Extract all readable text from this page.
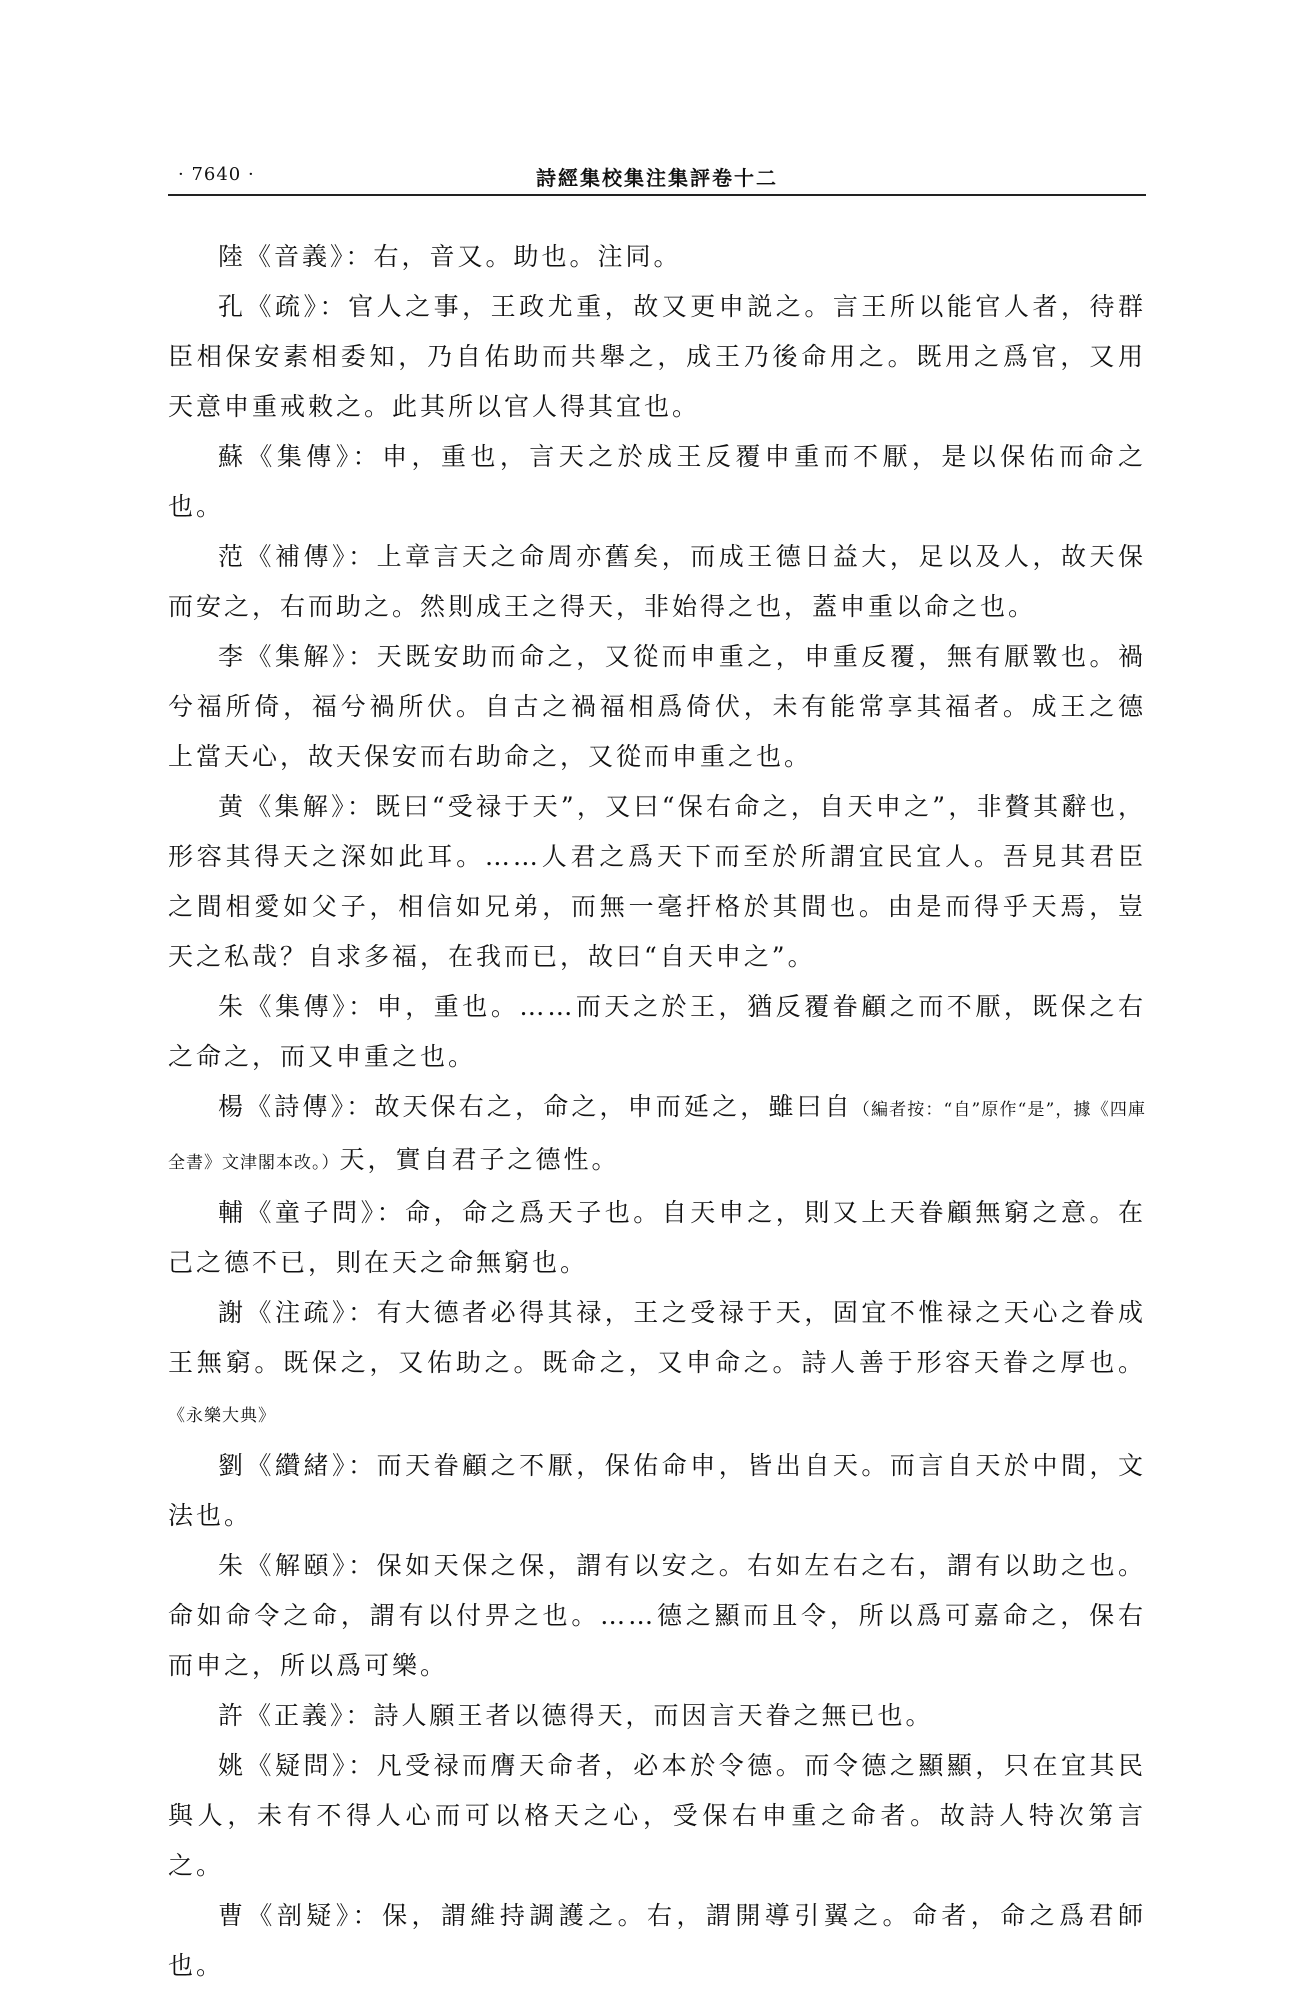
· 7640 ·	詩經集校集注集評卷十二

陸《音義》：右，音又。助也。注同。

孔《疏》：官人之事，王政尤重，故又更申説之。言王所以能官人者，待群臣相保安素相委知，乃自佑助而共舉之，成王乃後命用之。既用之爲官，又用天意申重戒敕之。此其所以官人得其宜也。

蘇《集傳》：申，重也，言天之於成王反覆申重而不厭，是以保佑而命之也。

范《補傳》：上章言天之命周亦舊矣，而成王德日益大，足以及人，故天保而安之，右而助之。然則成王之得天，非始得之也，蓋申重以命之也。

李《集解》：天既安助而命之，又從而申重之，申重反覆，無有厭斁也。禍兮福所倚，福兮禍所伏。自古之禍福相爲倚伏，未有能常享其福者。成王之德上當天心，故天保安而右助命之，又從而申重之也。

黄《集解》：既曰“受禄于天”，又曰“保右命之，自天申之”，非贅其辭也，形容其得天之深如此耳。……人君之爲天下而至於所謂宜民宜人。吾見其君臣之間相愛如父子，相信如兄弟，而無一毫扞格於其間也。由是而得乎天焉，豈天之私哉？自求多福，在我而已，故曰“自天申之”。

朱《集傳》：申，重也。……而天之於王，猶反覆眷顧之而不厭，既保之右之命之，而又申重之也。

楊《詩傳》：故天保右之，命之，申而延之，雖曰自（編者按：“自”原作“是”，據《四庫全書》文津閣本改。）天，實自君子之德性。

輔《童子問》：命，命之爲天子也。自天申之，則又上天眷顧無窮之意。在己之德不已，則在天之命無窮也。

謝《注疏》：有大德者必得其禄，王之受禄于天，固宜不惟禄之天心之眷成王無窮。既保之，又佑助之。既命之，又申命之。詩人善于形容天眷之厚也。《永樂大典》

劉《纘緒》：而天眷顧之不厭，保佑命申，皆出自天。而言自天於中間，文法也。

朱《解頤》：保如天保之保，謂有以安之。右如左右之右，謂有以助之也。命如命令之命，謂有以付畀之也。……德之顯而且令，所以爲可嘉命之，保右而申之，所以爲可樂。

許《正義》：詩人願王者以德得天，而因言天眷之無已也。

姚《疑問》：凡受禄而膺天命者，必本於令德。而令德之顯顯，只在宜其民與人，未有不得人心而可以格天之心，受保右申重之命者。故詩人特次第言之。

曹《剖疑》：保，謂維持調護之。右，謂開導引翼之。命者，命之爲君師也。
